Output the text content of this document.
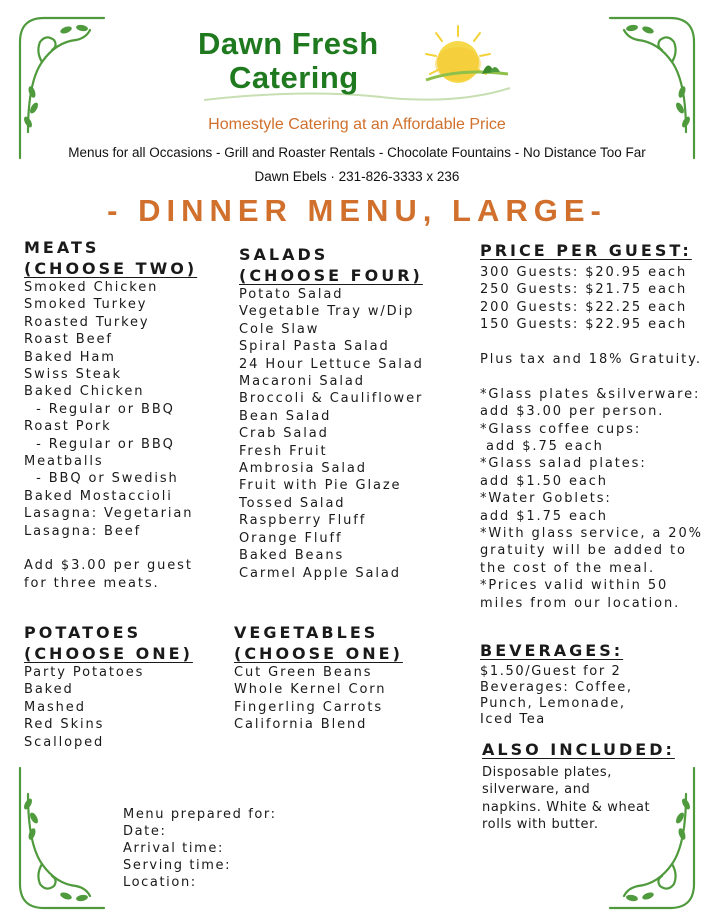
Dawn Fresh
Catering
Homestyle Catering at an Affordable Price
Menus for all Occasions - Grill and Roaster Rentals - Chocolate Fountains - No Distance Too Far
Dawn Ebels · 231-826-3333 x 236
- DINNER MENU, LARGE-
MEATS
(CHOOSE TWO)
Smoked Chicken
Smoked Turkey
Roasted Turkey
Roast Beef
Baked Ham
Swiss Steak
Baked Chicken
- Regular or BBQ
Roast Pork
- Regular or BBQ
Meatballs
- BBQ or Swedish
Baked Mostaccioli
Lasagna: Vegetarian
Lasagna: Beef
Add $3.00 per guest
for three meats.
SALADS
(CHOOSE FOUR)
Potato Salad
Vegetable Tray w/Dip
Cole Slaw
Spiral Pasta Salad
24 Hour Lettuce Salad
Macaroni Salad
Broccoli & Cauliflower
Bean Salad
Crab Salad
Fresh Fruit
Ambrosia Salad
Fruit with Pie Glaze
Tossed Salad
Raspberry Fluff
Orange Fluff
Baked Beans
Carmel Apple Salad
PRICE PER GUEST:
300 Guests: $20.95 each
250 Guests: $21.75 each
200 Guests: $22.25 each
150 Guests: $22.95 each
Plus tax and 18% Gratuity.
*Glass plates &silverware:
add $3.00 per person.
*Glass coffee cups:
add $.75 each
*Glass salad plates:
add $1.50 each
*Water Goblets:
add $1.75 each
*With glass service, a 20%
gratuity will be added to
the cost of the meal.
*Prices valid within 50
miles from our location.
POTATOES
(CHOOSE ONE)
Party Potatoes
Baked
Mashed
Red Skins
Scalloped
VEGETABLES
(CHOOSE ONE)
Cut Green Beans
Whole Kernel Corn
Fingerling Carrots
California Blend
BEVERAGES:
$1.50/Guest for 2
Beverages: Coffee,
Punch, Lemonade,
Iced Tea
ALSO INCLUDED:
Disposable plates,
silverware, and
napkins. White & wheat
rolls with butter.
Menu prepared for:
Date:
Arrival time:
Serving time:
Location:
